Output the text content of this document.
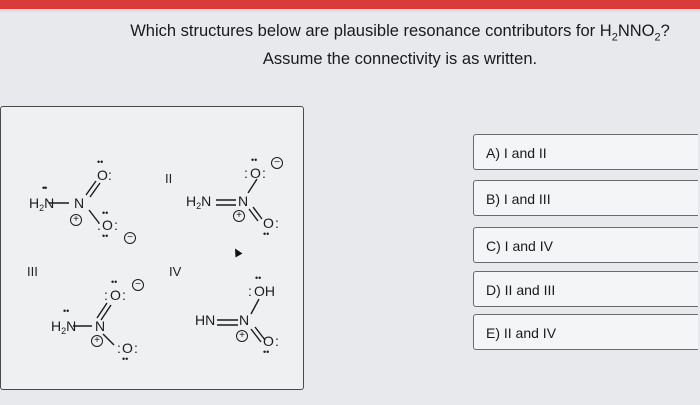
Which structures below are plausible resonance contributors for $H_2NNO_2$?
Assume the connectivity is as written.
$H_2N$
••
N
+
O :
••
: O :
••
••	−
II
$H_2N$ N
+
: O :
••	−
O :
••
III	IV
$H_2N$
••
N
+
: O :
••	−
: O :
••
HN N
+
: OH
••
O :
••
A) I and II
B) I and III
C) I and IV
D) II and III
E) II and IV
